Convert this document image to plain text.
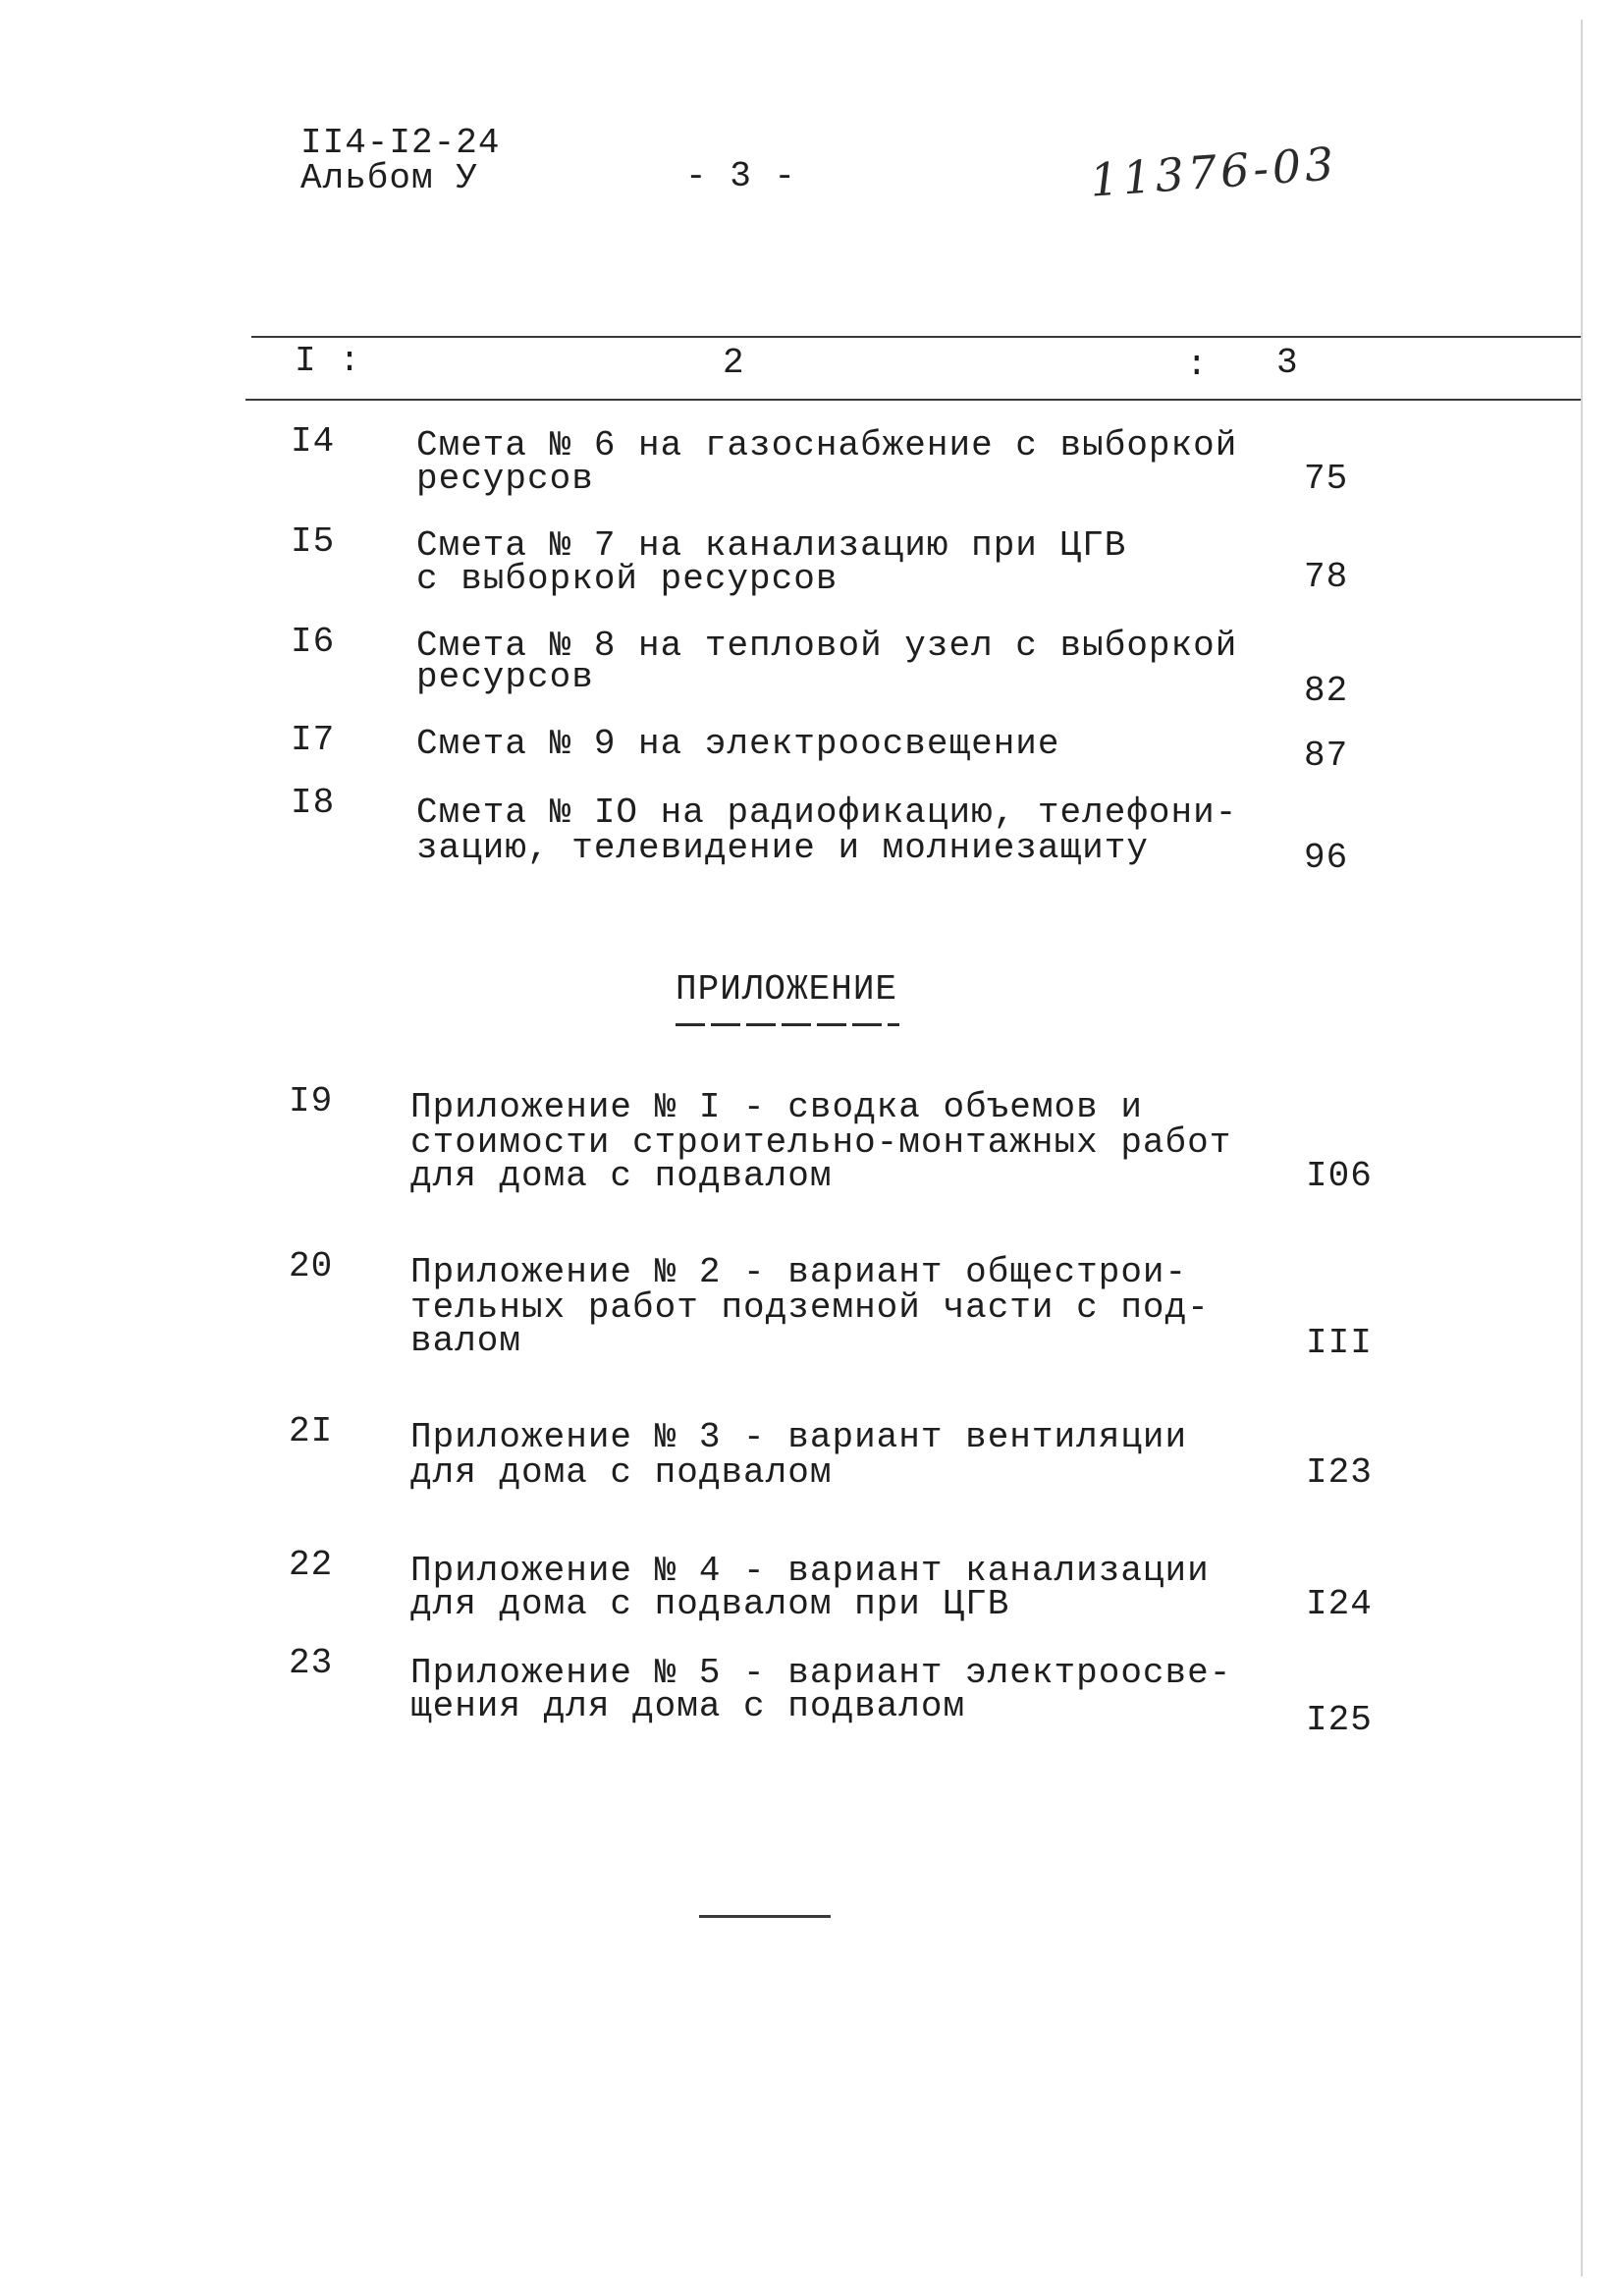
II4-I2-24
Альбом У	- 3 -	11376-03
I :	2	: 3
I4 Смета № 6 на газоснабжение с выборкой
ресурсов	75
I5 Смета № 7 на канализацию при ЦГВ
с выборкой ресурсов	78
I6 Смета № 8 на тепловой узел с выборкой
ресурсов	82
I7 Смета № 9 на электроосвещение	87
I8 Смета № IO на радиофикацию, телефони-
зацию, телевидение и молниезащиту	96
ПРИЛОЖЕНИЕ
I9 Приложение № I - сводка объемов и
стоимости строительно-монтажных работ
для дома с подвалом	I06
20 Приложение № 2 - вариант общестрои-
тельных работ подземной части с под-
валом	III
2I Приложение № 3 - вариант вентиляции
для дома с подвалом	I23
22 Приложение № 4 - вариант канализации
для дома с подвалом при ЦГВ	I24
23 Приложение № 5 - вариант электроосве-
щения для дома с подвалом	I25
